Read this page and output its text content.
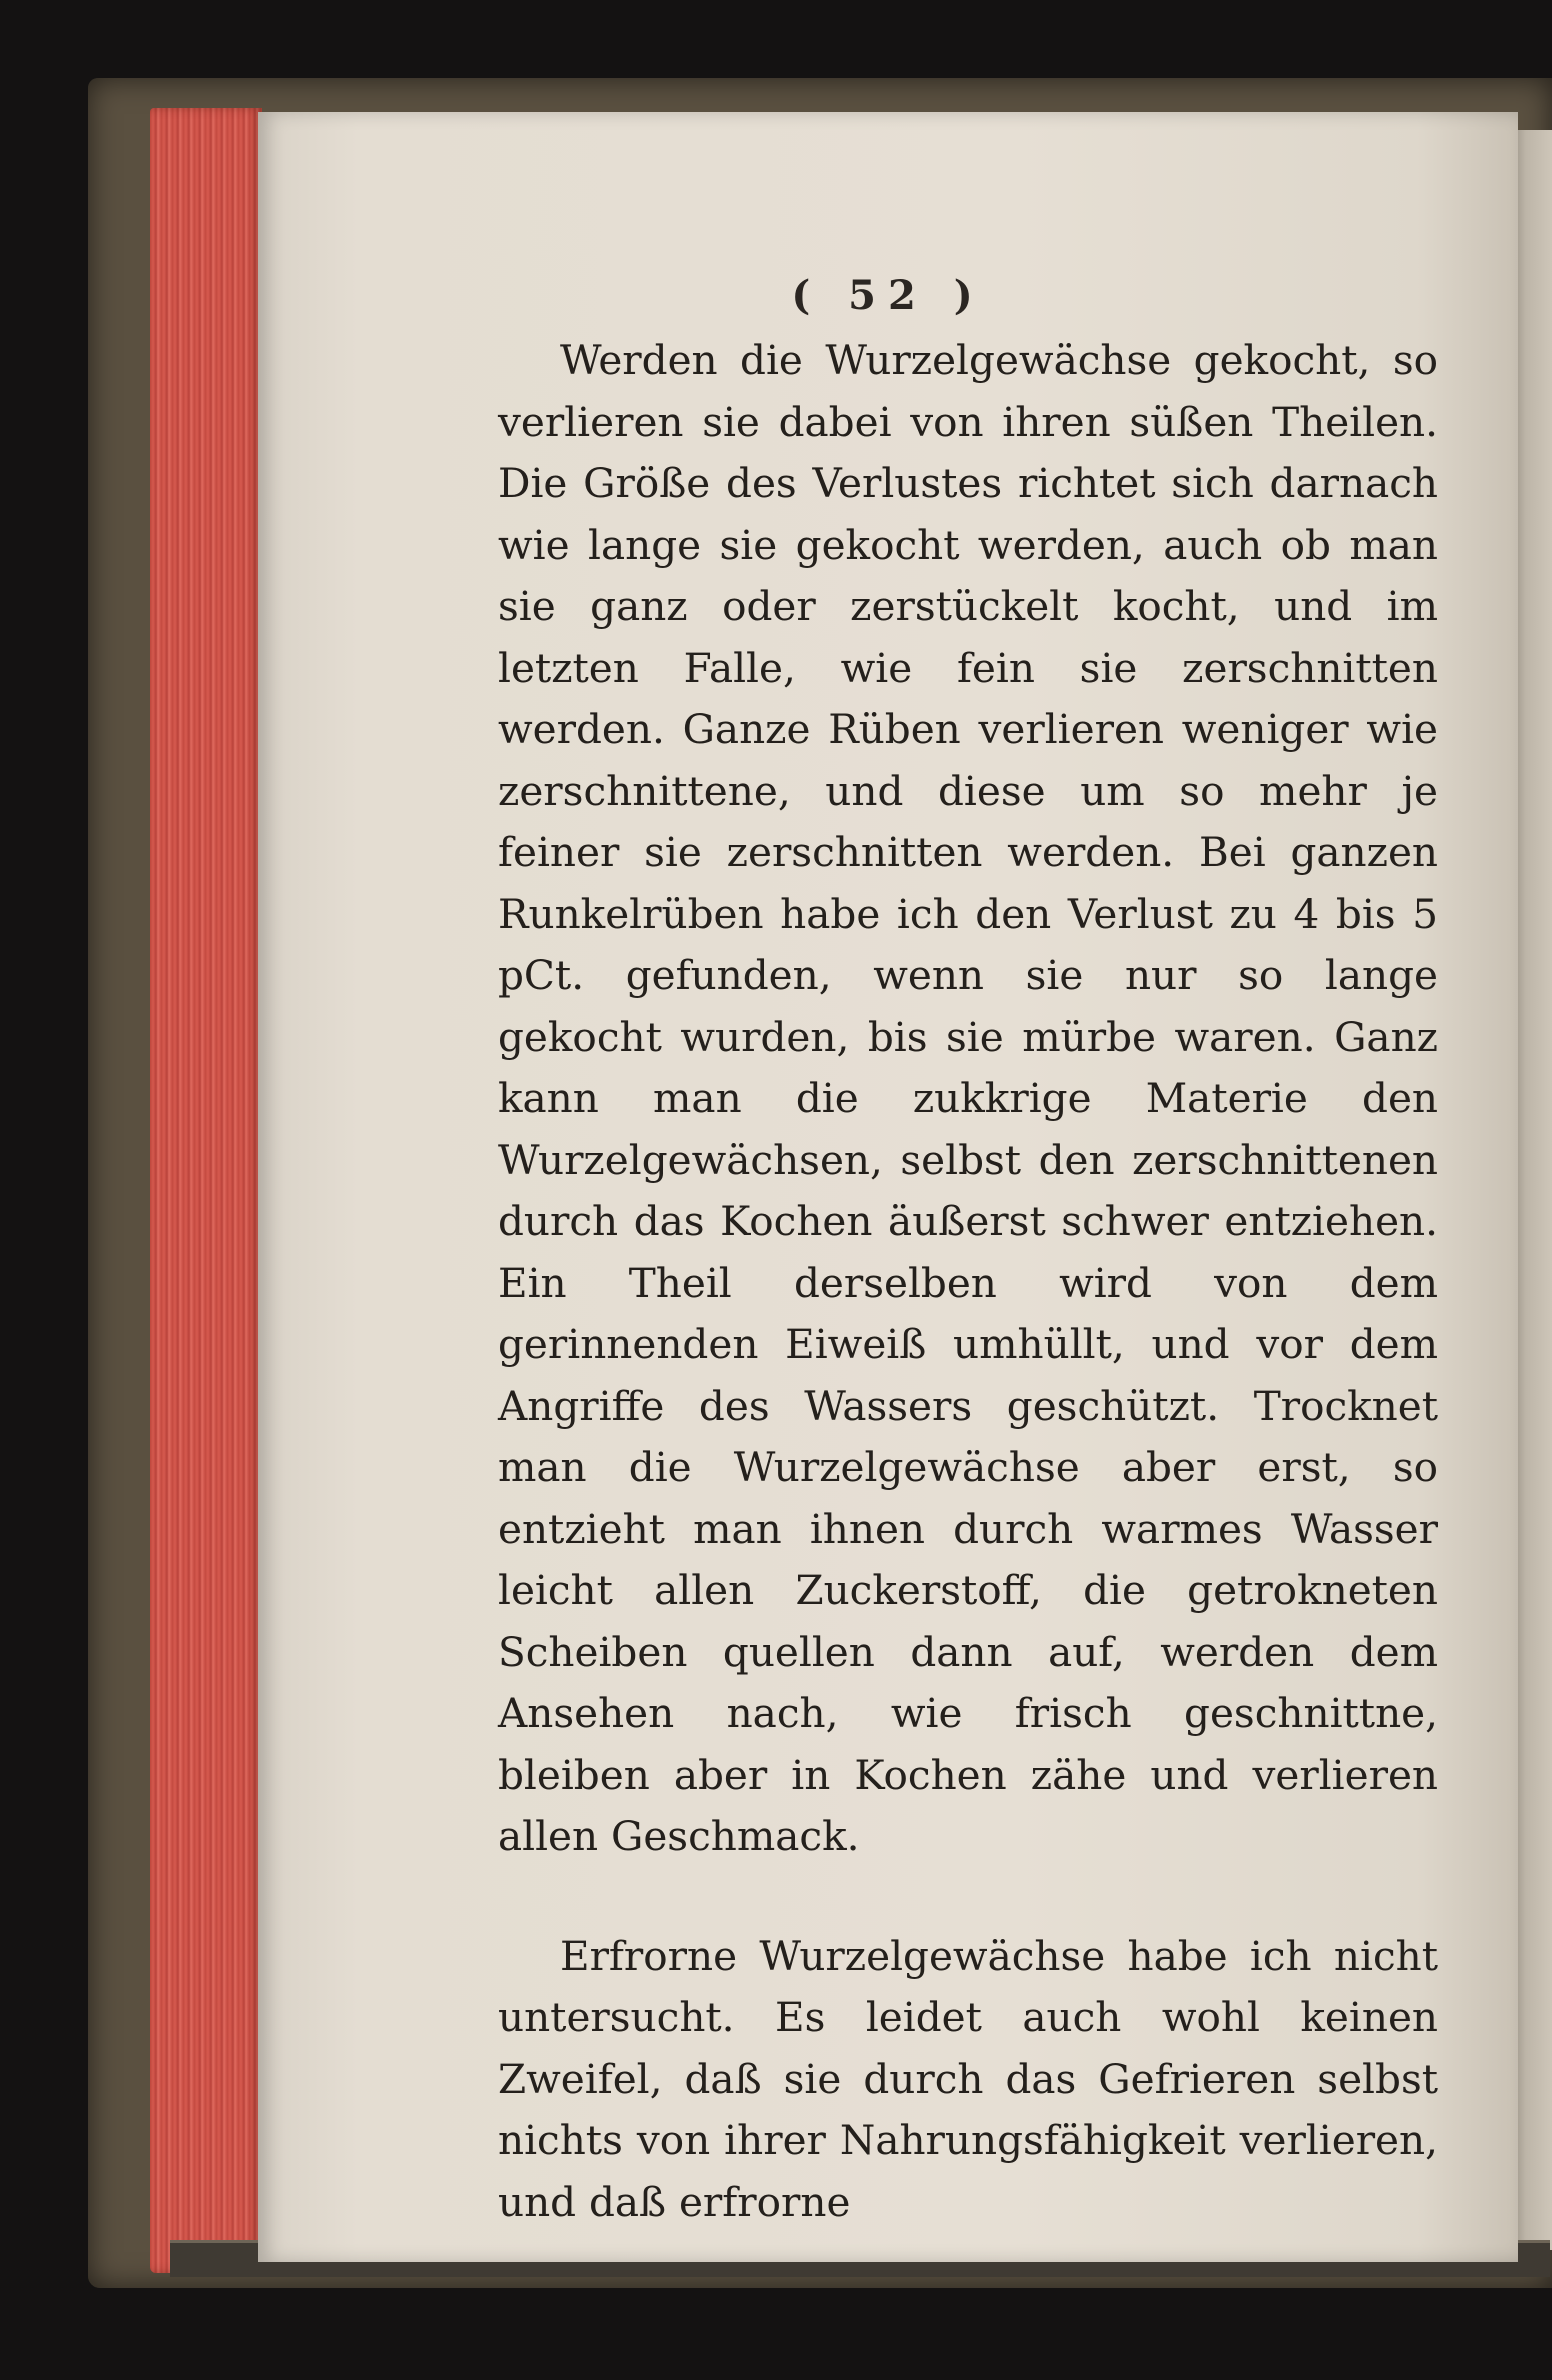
( 52 )

Werden die Wurzelgewächse gekocht, so verlieren sie dabei von ihren süßen Theilen. Die Größe des Verlustes richtet sich darnach wie lange sie gekocht werden, auch ob man sie ganz oder zerstückelt kocht, und im letzten Falle, wie fein sie zerschnitten werden. Ganze Rüben verlieren weniger wie zerschnittene, und diese um so mehr je feiner sie zerschnitten werden. Bei ganzen Runkelrüben habe ich den Verlust zu 4 bis 5 pCt. gefunden, wenn sie nur so lange gekocht wurden, bis sie mürbe waren. Ganz kann man die zukkrige Materie den Wurzelgewächsen, selbst den zerschnittenen durch das Kochen äußerst schwer entziehen. Ein Theil derselben wird von dem gerinnenden Eiweiß umhüllt, und vor dem Angriffe des Wassers geschützt. Trocknet man die Wurzelgewächse aber erst, so entzieht man ihnen durch warmes Wasser leicht allen Zuckerstoff, die getrokneten Scheiben quellen dann auf, werden dem Ansehen nach, wie frisch geschnittne, bleiben aber in Kochen zähe und verlieren allen Geschmack.

Erfrorne Wurzelgewächse habe ich nicht untersucht. Es leidet auch wohl keinen Zweifel, daß sie durch das Gefrieren selbst nichts von ihrer Nahrungsfähigkeit verlieren, und daß erfrorne
